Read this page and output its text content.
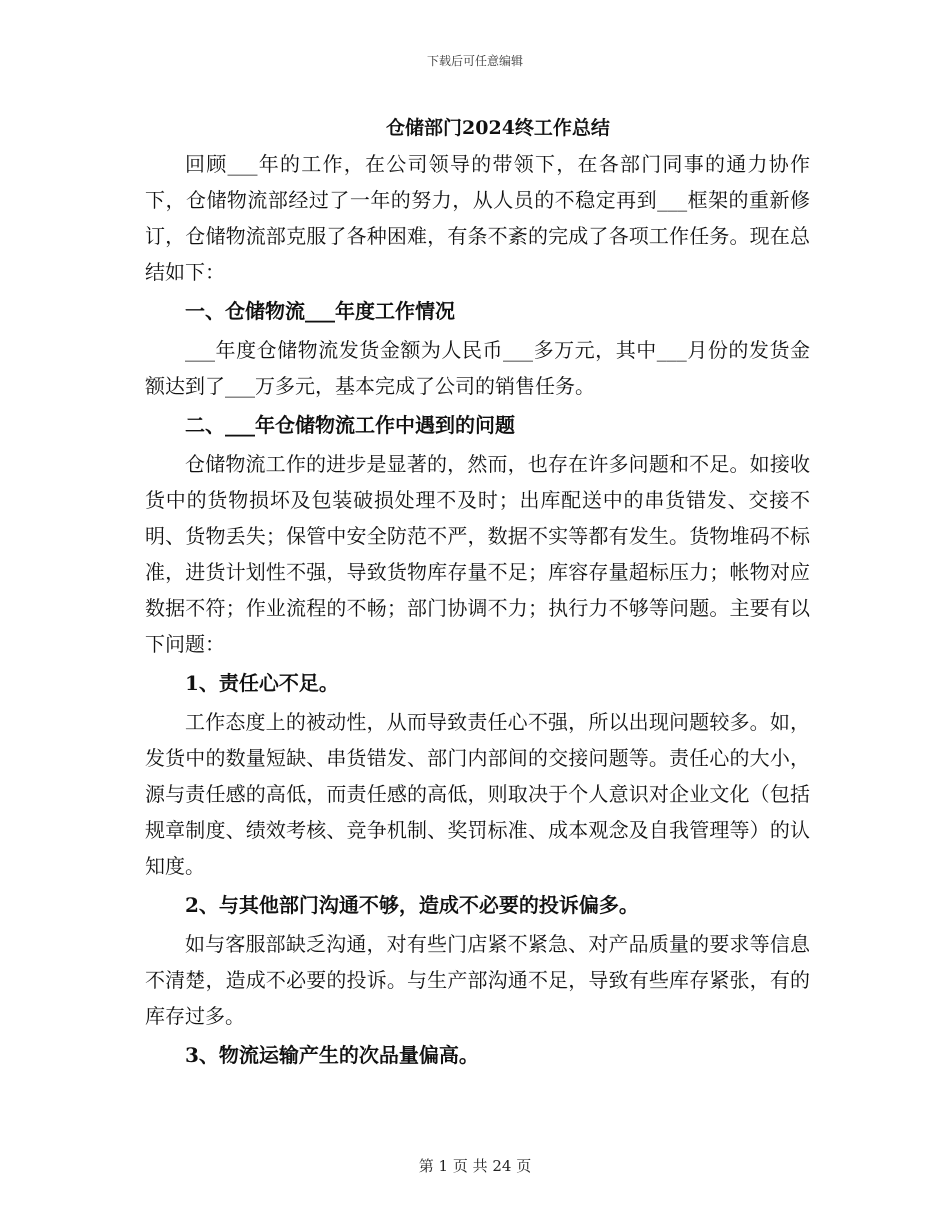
下载后可任意编辑
仓储部门2024终工作总结

回顾___年的工作，在公司领导的带领下，在各部门同事的通力协作下，仓储物流部经过了一年的努力，从人员的不稳定再到___框架的重新修订，仓储物流部克服了各种困难，有条不紊的完成了各项工作任务。现在总结如下：

一、仓储物流___年度工作情况

___年度仓储物流发货金额为人民币___多万元，其中___月份的发货金额达到了___万多元，基本完成了公司的销售任务。

二、___年仓储物流工作中遇到的问题

仓储物流工作的进步是显著的，然而，也存在许多问题和不足。如接收货中的货物损坏及包装破损处理不及时；出库配送中的串货错发、交接不明、货物丢失；保管中安全防范不严，数据不实等都有发生。货物堆码不标准，进货计划性不强，导致货物库存量不足；库容存量超标压力；帐物对应数据不符；作业流程的不畅；部门协调不力；执行力不够等问题。主要有以下问题：

1、责任心不足。

工作态度上的被动性，从而导致责任心不强，所以出现问题较多。如，发货中的数量短缺、串货错发、部门内部间的交接问题等。责任心的大小，源与责任感的高低，而责任感的高低，则取决于个人意识对企业文化（包括规章制度、绩效考核、竞争机制、奖罚标准、成本观念及自我管理等）的认知度。

2、与其他部门沟通不够，造成不必要的投诉偏多。

如与客服部缺乏沟通，对有些门店紧不紧急、对产品质量的要求等信息不清楚，造成不必要的投诉。与生产部沟通不足，导致有些库存紧张，有的库存过多。

3、物流运输产生的次品量偏高。

第 1 页 共 24 页
